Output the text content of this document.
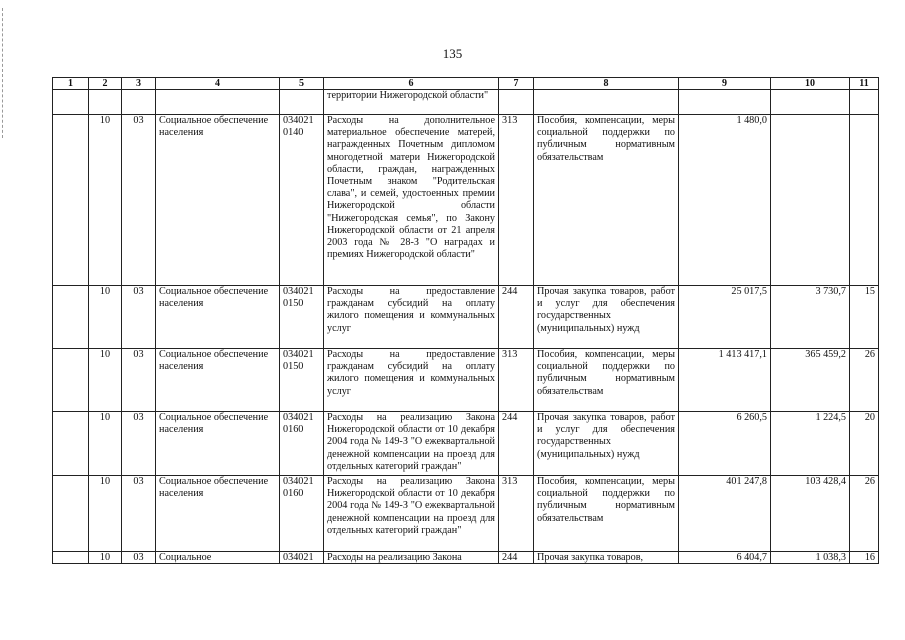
135
1	2	3	4	5	6	7	8	9	10	11
					территории Нижегородской области"					
	10	03	Социальное обеспечение населения	034021 0140	Расходы на дополнительное материальное обеспечение матерей, награжденных Почетным дипломом многодетной матери Нижегородской области, граждан, награжденных Почетным знаком "Родительская слава", и семей, удостоенных премии Нижегородской области "Нижегородская семья", по Закону Нижегородской области от 21 апреля 2003 года № 28-З "О наградах и премиях Нижегородской области"	313	Пособия, компенсации, меры социальной поддержки по публичным нормативным обязательствам	1 480,0		
	10	03	Социальное обеспечение населения	034021 0150	Расходы на предоставление гражданам субсидий на оплату жилого помещения и коммунальных услуг	244	Прочая закупка товаров, работ и услуг для обеспечения государственных (муниципальных) нужд	25 017,5	3 730,7	15
	10	03	Социальное обеспечение населения	034021 0150	Расходы на предоставление гражданам субсидий на оплату жилого помещения и коммунальных услуг	313	Пособия, компенсации, меры социальной поддержки по публичным нормативным обязательствам	1 413 417,1	365 459,2	26
	10	03	Социальное обеспечение населения	034021 0160	Расходы на реализацию Закона Нижегородской области от 10 декабря 2004 года № 149-З "О ежеквартальной денежной компенсации на проезд для отдельных категорий граждан"	244	Прочая закупка товаров, работ и услуг для обеспечения государственных (муниципальных) нужд	6 260,5	1 224,5	20
	10	03	Социальное обеспечение населения	034021 0160	Расходы на реализацию Закона Нижегородской области от 10 декабря 2004 года № 149-З "О ежеквартальной денежной компенсации на проезд для отдельных категорий граждан"	313	Пособия, компенсации, меры социальной поддержки по публичным нормативным обязательствам	401 247,8	103 428,4	26
	10	03	Социальное	034021	Расходы на реализацию Закона	244	Прочая закупка товаров,	6 404,7	1 038,3	16
